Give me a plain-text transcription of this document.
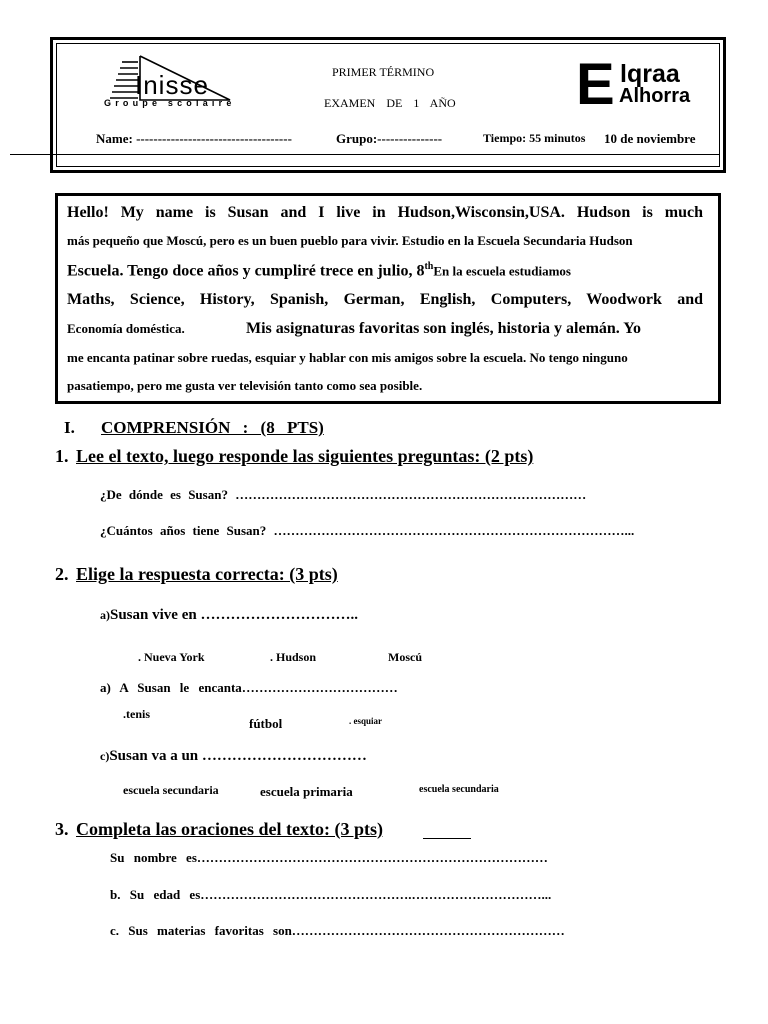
Inisse
Groupe scolaire	E lqraa
Alhorra
PRIMER TÉRMINO
EXAMEN DE 1 AÑO
Name: ------------------------------------	Grupo:---------------	Tiempo: 55 minutos 10 de noviembre
Hello! My name is Susan and I live in Hudson,Wisconsin,USA. Hudson is much
más pequeño que Moscú, pero es un buen pueblo para vivir. Estudio en la Escuela Secundaria Hudson
Escuela. Tengo doce años y cumpliré trece en julio, 8thEn la escuela estudiamos
Maths, Science, History, Spanish, German, English, Computers, Woodwork and
Economía doméstica.	Mis asignaturas favoritas son inglés, historia y alemán. Yo
me encanta patinar sobre ruedas, esquiar y hablar con mis amigos sobre la escuela. No tengo ninguno
pasatiempo, pero me gusta ver televisión tanto como sea posible.
I. COMPRENSIÓN : (8 PTS)
1. Lee el texto, luego responde las siguientes preguntas: (2 pts)
¿De dónde es Susan? ………………………………………………………………………
¿Cuántos años tiene Susan? ………………………………………………………………………...
2. Elige la respuesta correcta: (3 pts)
a)Susan vive en …………………………..
. Nueva York	. Hudson	Moscú
a) A Susan le encanta………………………………
.tenis
fútbol	. esquiar
c)Susan va a un ……………………………
escuela secundaria	escuela primaria	escuela secundaria
3. Completa las oraciones del texto: (3 pts)
Su nombre es………………………………………………………………………
b. Su edad es………………………………………….…………………………...
c. Sus materias favoritas son………………………………………………………
